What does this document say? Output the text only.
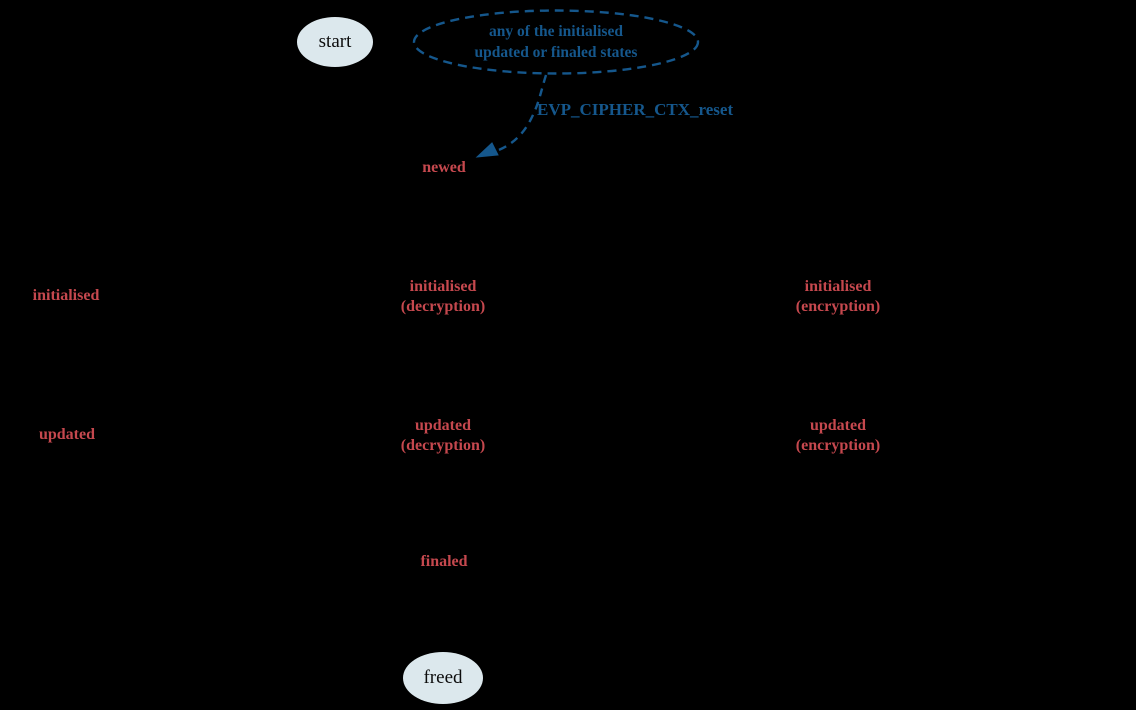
start	any of the initialised
updated or finaled states
EVP_CIPHER_CTX_reset
newed
initialised
initialised
(decryption)
initialised
(encryption)
updated
updated
(decryption)
updated
(encryption)
finaled
freed
